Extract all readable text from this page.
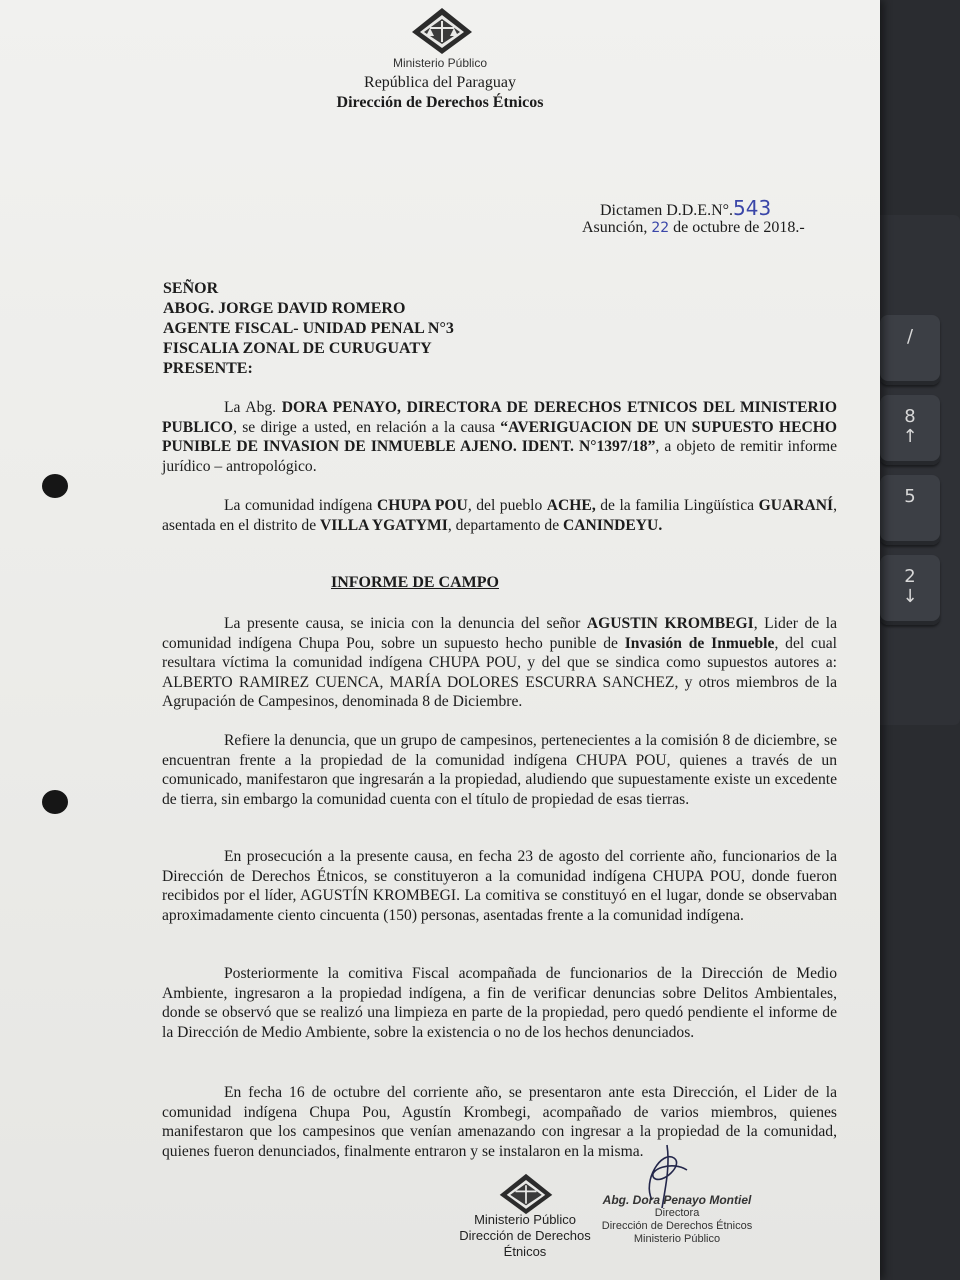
/
8
↑
5
2
↓
Ministerio Público
República del Paraguay
Dirección de Derechos Étnicos
Dictamen D.D.E.N°.543
Asunción, 22 de octubre de 2018.-
SEÑOR
ABOG. JORGE DAVID ROMERO
AGENTE FISCAL- UNIDAD PENAL N°3
FISCALIA ZONAL DE CURUGUATY
PRESENTE:
La Abg. DORA PENAYO, DIRECTORA DE DERECHOS ETNICOS DEL MINISTERIO PUBLICO, se dirige a usted, en relación a la causa “AVERIGUACION DE UN SUPUESTO HECHO PUNIBLE DE INVASION DE INMUEBLE AJENO. IDENT. N°1397/18”, a objeto de remitir informe jurídico – antropológico.
La comunidad indígena CHUPA POU, del pueblo ACHE, de la familia Lingüística GUARANÍ, asentada en el distrito de VILLA YGATYMI, departamento de CANINDEYU.
INFORME DE CAMPO
La presente causa, se inicia con la denuncia del señor AGUSTIN KROMBEGI, Lider de la comunidad indígena Chupa Pou, sobre un supuesto hecho punible de Invasión de Inmueble, del cual resultara víctima la comunidad indígena CHUPA POU, y del que se sindica como supuestos autores a: ALBERTO RAMIREZ CUENCA, MARÍA DOLORES ESCURRA SANCHEZ, y otros miembros de la Agrupación de Campesinos, denominada 8 de Diciembre.
Refiere la denuncia, que un grupo de campesinos, pertenecientes a la comisión 8 de diciembre, se encuentran frente a la propiedad de la comunidad indígena CHUPA POU, quienes a través de un comunicado, manifestaron que ingresarán a la propiedad, aludiendo que supuestamente existe un excedente de tierra, sin embargo la comunidad cuenta con el título de propiedad de esas tierras.
En prosecución a la presente causa, en fecha 23 de agosto del corriente año, funcionarios de la Dirección de Derechos Étnicos, se constituyeron a la comunidad indígena CHUPA POU, donde fueron recibidos por el líder, AGUSTÍN KROMBEGI. La comitiva se constituyó en el lugar, donde se observaban aproximadamente ciento cincuenta (150) personas, asentadas frente a la comunidad indígena.
Posteriormente la comitiva Fiscal acompañada de funcionarios de la Dirección de Medio Ambiente, ingresaron a la propiedad indígena, a fin de verificar denuncias sobre Delitos Ambientales, donde se observó que se realizó una limpieza en parte de la propiedad, pero quedó pendiente el informe de la Dirección de Medio Ambiente, sobre la existencia o no de los hechos denunciados.
En fecha 16 de octubre del corriente año, se presentaron ante esta Dirección, el Lider de la comunidad indígena Chupa Pou, Agustín Krombegi, acompañado de varios miembros, quienes manifestaron que los campesinos que venían amenazando con ingresar a la propiedad de la comunidad, quienes fueron denunciados, finalmente entraron y se instalaron en la misma.
Ministerio Público
Dirección de Derechos Étnicos
Abg. Dora Penayo Montiel
Directora
Dirección de Derechos Étnicos
Ministerio Público
